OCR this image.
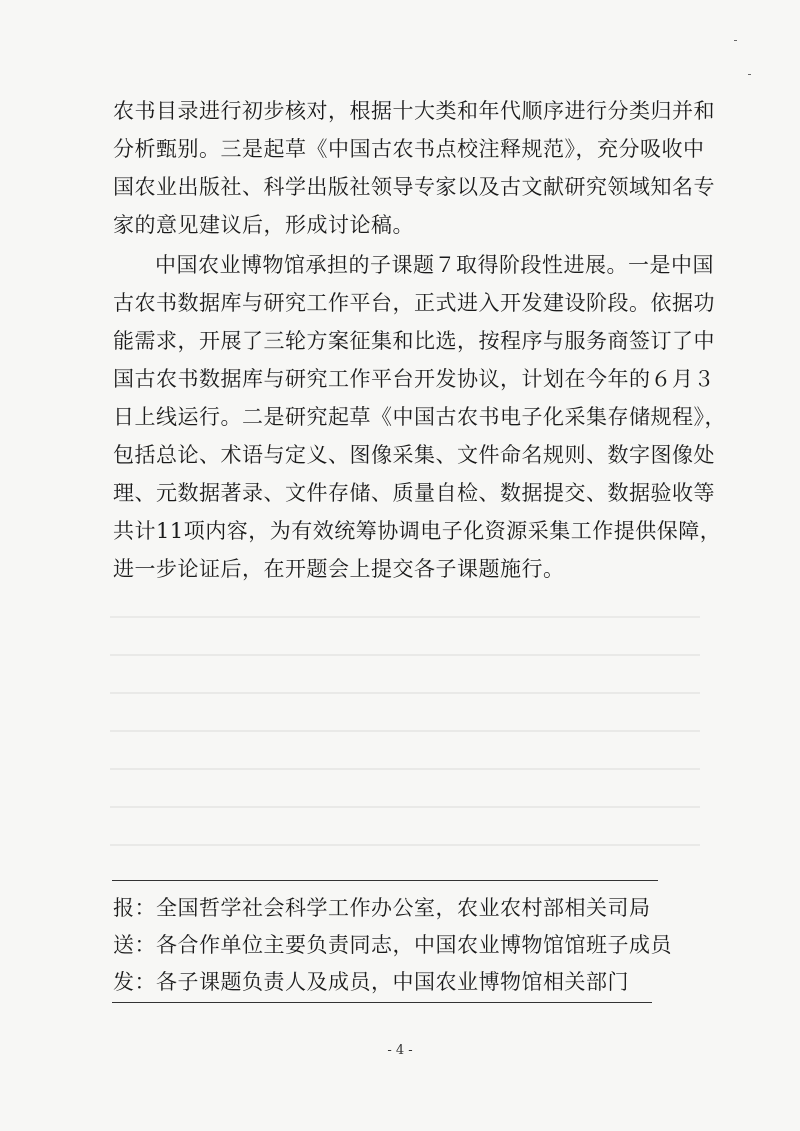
农书目录进行初步核对，根据十大类和年代顺序进行分类归并和
分析甄别。三是起草《中国古农书点校注释规范》，充分吸收中
国农业出版社、科学出版社领导专家以及古文献研究领域知名专
家的意见建议后，形成讨论稿。
中国农业博物馆承担的子课题７取得阶段性进展。一是中国
古农书数据库与研究工作平台，正式进入开发建设阶段。依据功
能需求，开展了三轮方案征集和比选，按程序与服务商签订了中
国古农书数据库与研究工作平台开发协议，计划在今年的６月３
日上线运行。二是研究起草《中国古农书电子化采集存储规程》，
包括总论、术语与定义、图像采集、文件命名规则、数字图像处
理、元数据著录、文件存储、质量自检、数据提交、数据验收等
共计11项内容，为有效统筹协调电子化资源采集工作提供保障，
进一步论证后，在开题会上提交各子课题施行。
报：全国哲学社会科学工作办公室，农业农村部相关司局
送：各合作单位主要负责同志，中国农业博物馆馆班子成员
发：各子课题负责人及成员，中国农业博物馆相关部门
- 4 -
